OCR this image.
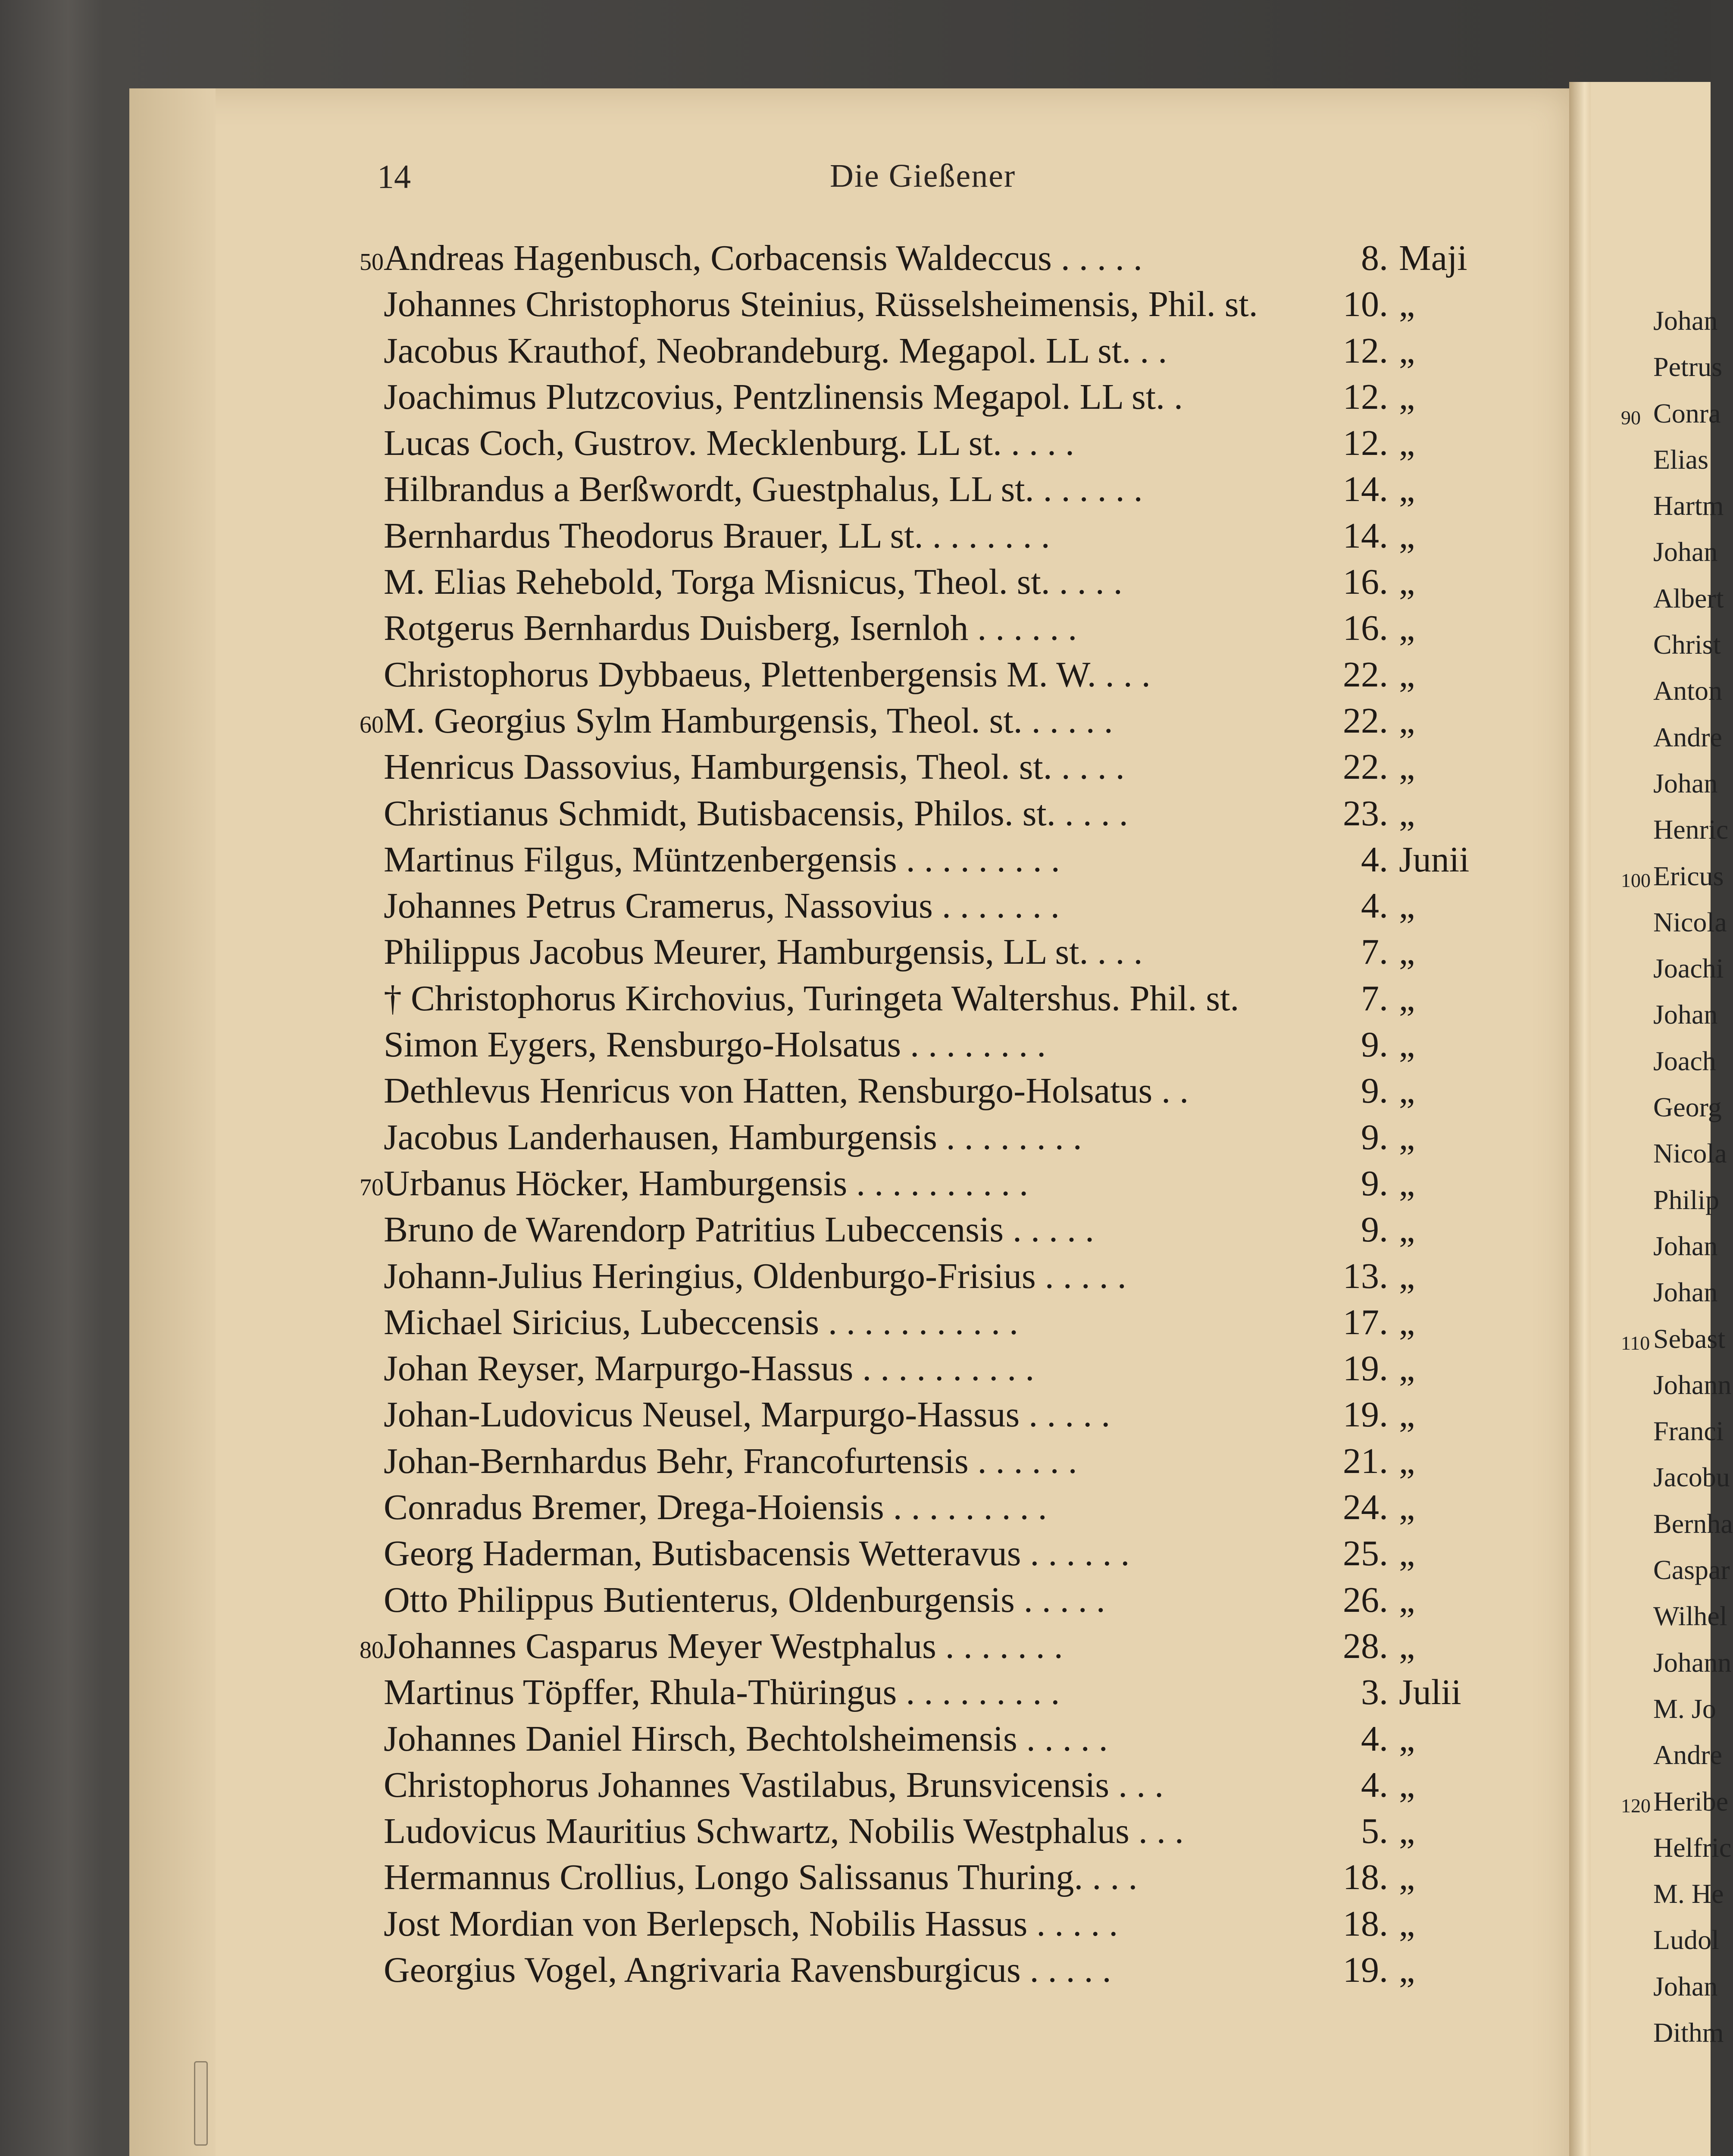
14	Die Gießener
50 Andreas Hagenbusch, Corbacensis Waldeccus . . . . .	8. Maji
Johannes Christophorus Steinius, Rüsselsheimensis, Phil. st.	10. „
Jacobus Krauthof, Neobrandeburg. Megapol. LL st. . .	12. „
Joachimus Plutzcovius, Pentzlinensis Megapol. LL st. .	12. „
Lucas Coch, Gustrov. Mecklenburg. LL st. . . . .	12. „
Hilbrandus a Berßwordt, Guestphalus, LL st. . . . . . .	14. „
Bernhardus Theodorus Brauer, LL st. . . . . . . .	14. „
M. Elias Rehebold, Torga Misnicus, Theol. st. . . . .	16. „
Rotgerus Bernhardus Duisberg, Isernloh . . . . . .	16. „
Christophorus Dybbaeus, Plettenbergensis M. W. . . .	22. „
60 M. Georgius Sylm Hamburgensis, Theol. st. . . . . .	22. „
Henricus Dassovius, Hamburgensis, Theol. st. . . . .	22. „
Christianus Schmidt, Butisbacensis, Philos. st. . . . .	23. „
Martinus Filgus, Müntzenbergensis . . . . . . . . .	4. Junii
Johannes Petrus Cramerus, Nassovius . . . . . . .	4. „
Philippus Jacobus Meurer, Hamburgensis, LL st. . . .	7. „
† Christophorus Kirchovius, Turingeta Waltershus. Phil. st.	7. „
Simon Eygers, Rensburgo-Holsatus . . . . . . . .	9. „
Dethlevus Henricus von Hatten, Rensburgo-Holsatus . .	9. „
Jacobus Landerhausen, Hamburgensis . . . . . . . .	9. „
70 Urbanus Höcker, Hamburgensis . . . . . . . . . .	9. „
Bruno de Warendorp Patritius Lubeccensis . . . . .	9. „
Johann-Julius Heringius, Oldenburgo-Frisius . . . . .	13. „
Michael Siricius, Lubeccensis . . . . . . . . . . .	17. „
Johan Reyser, Marpurgo-Hassus . . . . . . . . . .	19. „
Johan-Ludovicus Neusel, Marpurgo-Hassus . . . . .	19. „
Johan-Bernhardus Behr, Francofurtensis . . . . . .	21. „
Conradus Bremer, Drega-Hoiensis . . . . . . . . .	24. „
Georg Haderman, Butisbacensis Wetteravus . . . . . .	25. „
Otto Philippus Butienterus, Oldenburgensis . . . . .	26. „
80 Johannes Casparus Meyer Westphalus . . . . . . .	28. „
Martinus Töpffer, Rhula-Thüringus . . . . . . . . .	3. Julii
Johannes Daniel Hirsch, Bechtolsheimensis . . . . .	4. „
Christophorus Johannes Vastilabus, Brunsvicensis . . .	4. „
Ludovicus Mauritius Schwartz, Nobilis Westphalus . . .	5. „
Hermannus Crollius, Longo Salissanus Thuring. . . .	18. „
Jost Mordian von Berlepsch, Nobilis Hassus . . . . .	18. „
Georgius Vogel, Angrivaria Ravensburgicus . . . . .	19. „
Johan
Petrus
90 Conra
Elias
Hartm
Johan
Albert
Christ
Anton
Andre
Johan
Henric
100 Ericus
Nicola
Joachi
Johan
Joach
Georg
Nicola
Philip
Johan
Johan
110 Sebast
Johann
Franci
Jacobu
Bernha
Caspar
Wilhel
Johann
M. Jo
Andre
120 Heribe
Helfric
M. He
Ludol
Johan
Dithm
